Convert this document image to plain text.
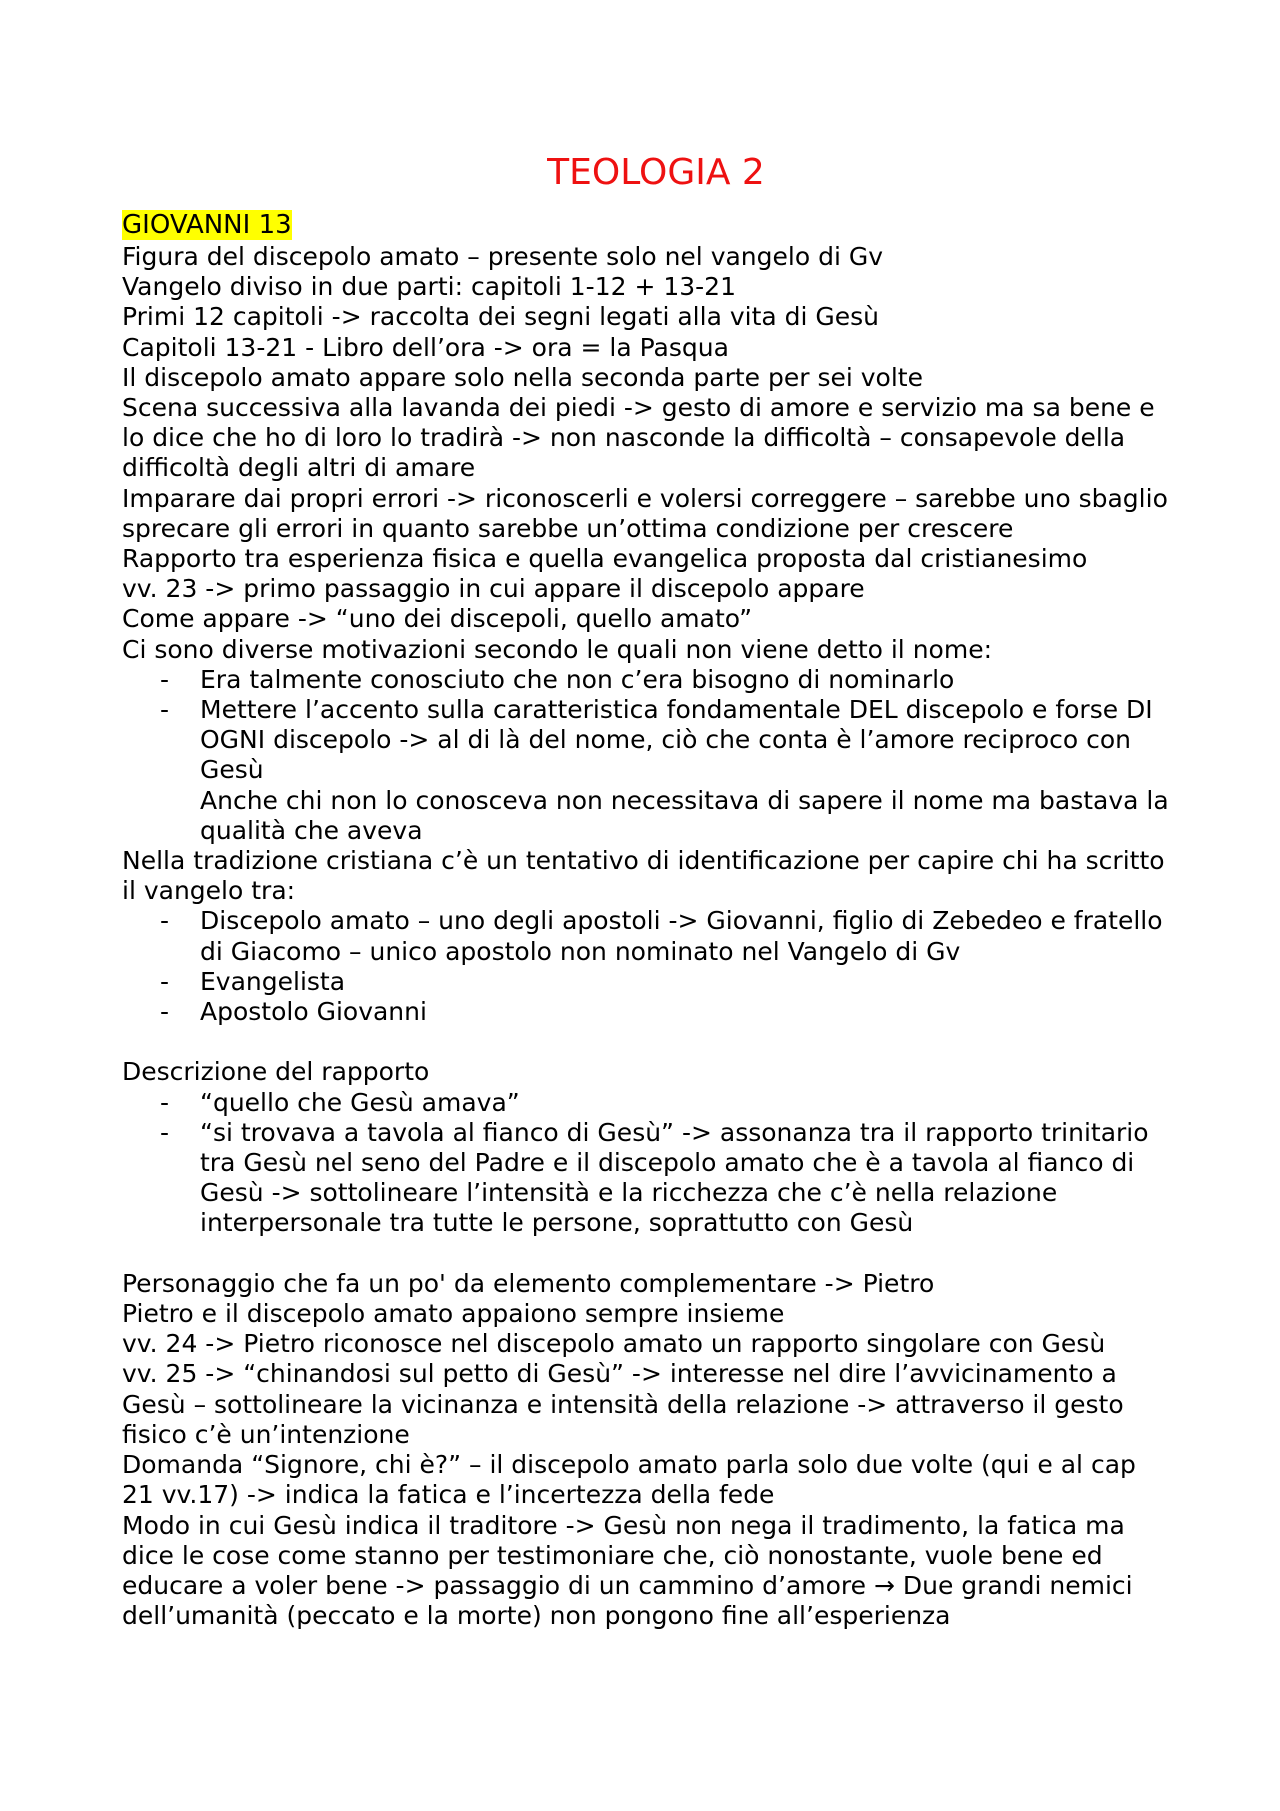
TEOLOGIA 2
GIOVANNI 13

Figura del discepolo amato – presente solo nel vangelo di Gv

Vangelo diviso in due parti: capitoli 1-12 + 13-21

Primi 12 capitoli -> raccolta dei segni legati alla vita di Gesù

Capitoli 13-21 - Libro dell’ora -> ora = la Pasqua

Il discepolo amato appare solo nella seconda parte per sei volte

Scena successiva alla lavanda dei piedi -> gesto di amore e servizio ma sa bene e lo dice che ho di loro lo tradirà -> non nasconde la difficoltà – consapevole della difficoltà degli altri di amare

Imparare dai propri errori -> riconoscerli e volersi correggere – sarebbe uno sbaglio sprecare gli errori in quanto sarebbe un’ottima condizione per crescere

Rapporto tra esperienza fisica e quella evangelica proposta dal cristianesimo

vv. 23 -> primo passaggio in cui appare il discepolo appare

Come appare -> “uno dei discepoli, quello amato”

Ci sono diverse motivazioni secondo le quali non viene detto il nome:

-	Era talmente conosciuto che non c’era bisogno di nominarlo
-	Mettere l’accento sulla caratteristica fondamentale DEL discepolo e forse DI OGNI discepolo -> al di là del nome, ciò che conta è l’amore reciproco con Gesù

Anche chi non lo conosceva non necessitava di sapere il nome ma bastava la qualità che aveva

Nella tradizione cristiana c’è un tentativo di identificazione per capire chi ha scritto il vangelo tra:

-	Discepolo amato – uno degli apostoli -> Giovanni, figlio di Zebedeo e fratello di Giacomo – unico apostolo non nominato nel Vangelo di Gv
-	Evangelista
-	Apostolo Giovanni

Descrizione del rapporto

-	“quello che Gesù amava”
-	“si trovava a tavola al fianco di Gesù” -> assonanza tra il rapporto trinitario tra Gesù nel seno del Padre e il discepolo amato che è a tavola al fianco di Gesù -> sottolineare l’intensità e la ricchezza che c’è nella relazione interpersonale tra tutte le persone, soprattutto con Gesù

Personaggio che fa un po' da elemento complementare -> Pietro

Pietro e il discepolo amato appaiono sempre insieme

vv. 24 -> Pietro riconosce nel discepolo amato un rapporto singolare con Gesù

vv. 25 -> “chinandosi sul petto di Gesù” -> interesse nel dire l’avvicinamento a Gesù – sottolineare la vicinanza e intensità della relazione -> attraverso il gesto fisico c’è un’intenzione

Domanda “Signore, chi è?” – il discepolo amato parla solo due volte (qui e al cap 21 vv.17) -> indica la fatica e l’incertezza della fede

Modo in cui Gesù indica il traditore -> Gesù non nega il tradimento, la fatica ma dice le cose come stanno per testimoniare che, ciò nonostante, vuole bene ed educare a voler bene -> passaggio di un cammino d’amore → Due grandi nemici dell’umanità (peccato e la morte) non pongono fine all’esperienza
